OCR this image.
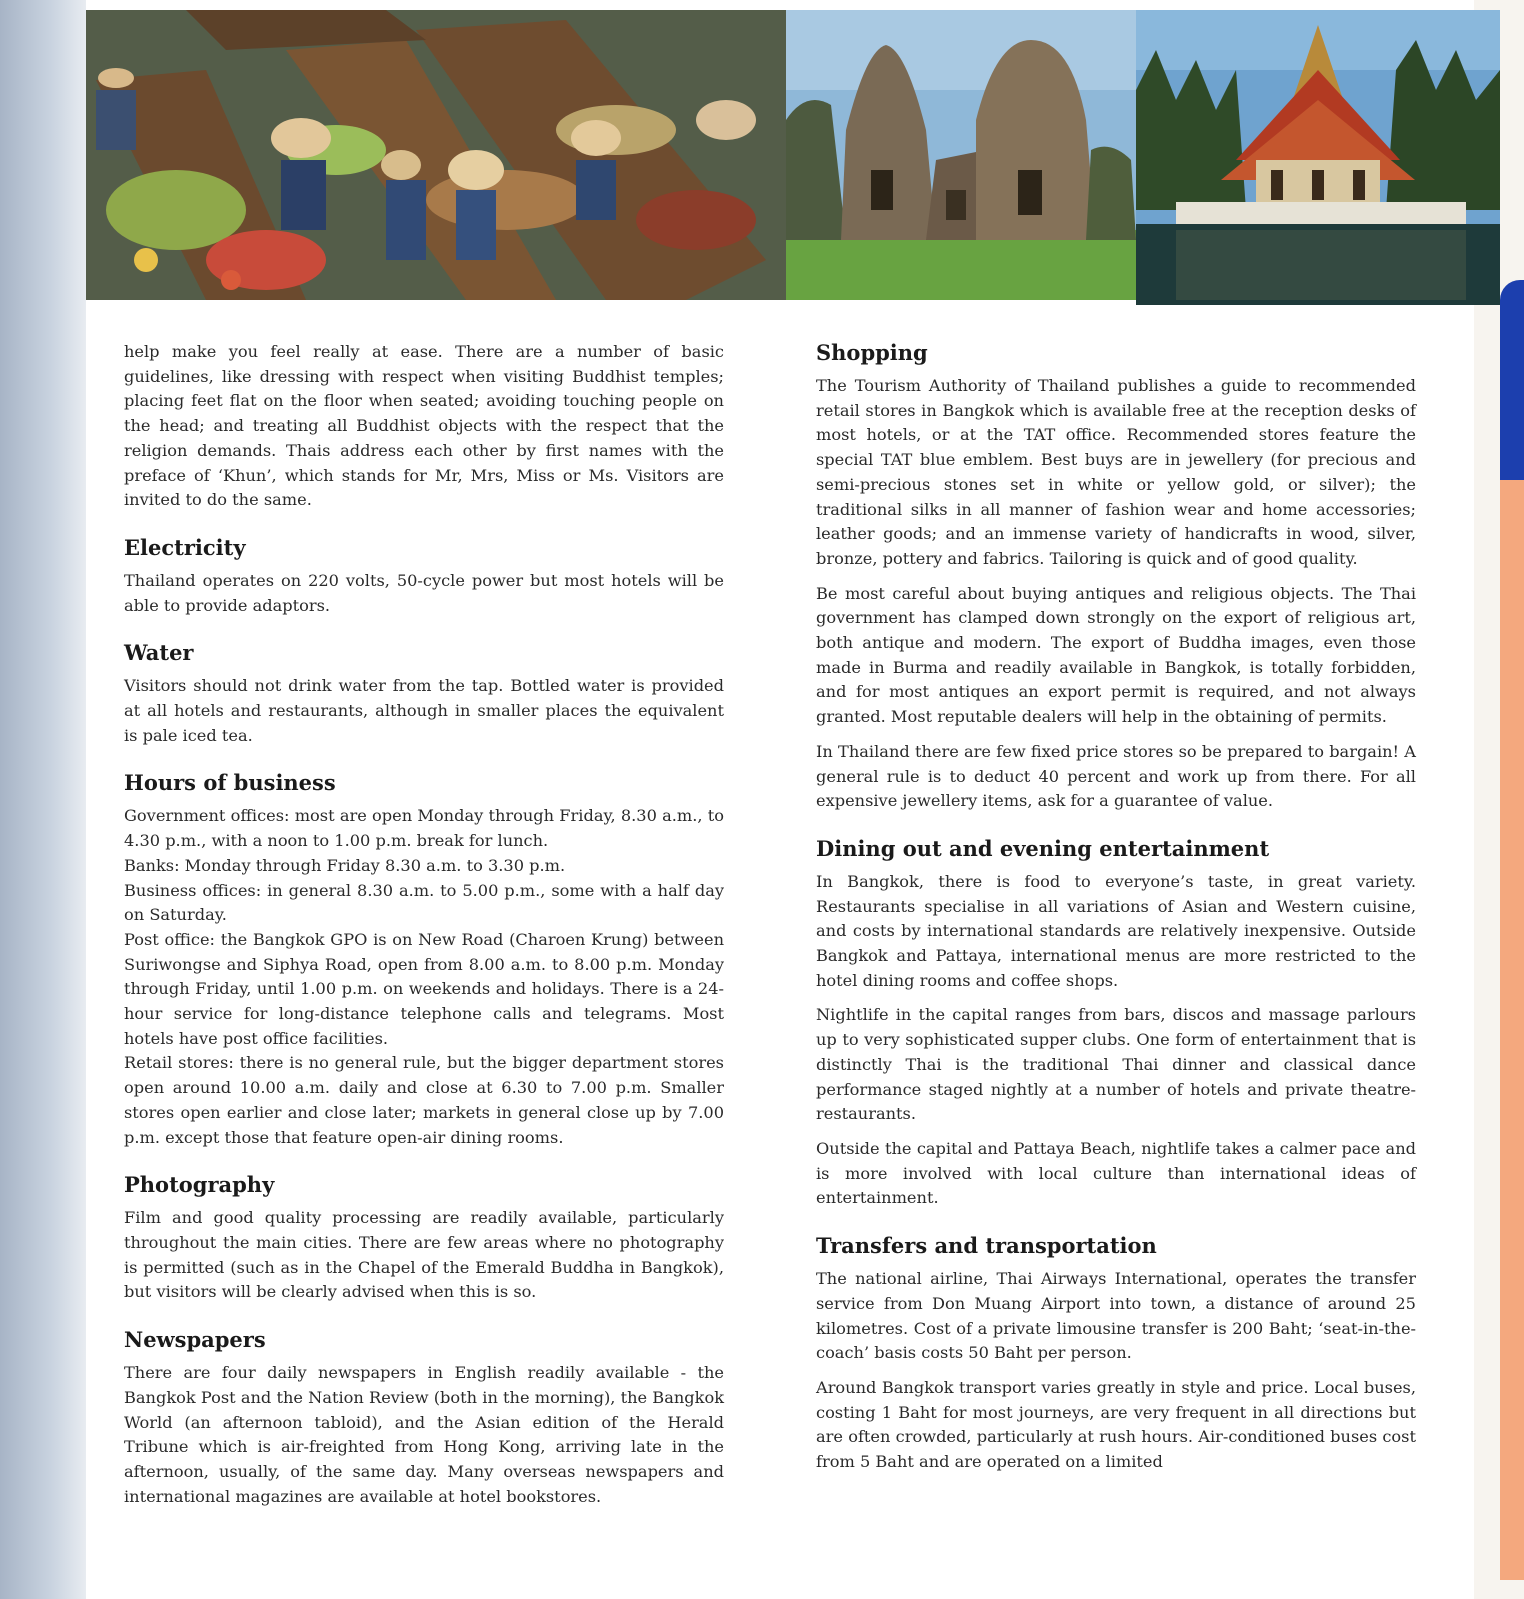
help make you feel really at ease. There are a number of basic guidelines, like dressing with respect when visiting Buddhist temples; placing feet flat on the floor when seated; avoiding touching people on the head; and treating all Buddhist objects with the respect that the religion demands. Thais address each other by first names with the preface of ‘Khun’, which stands for Mr, Mrs, Miss or Ms. Visitors are invited to do the same.

Electricity

Thailand operates on 220 volts, 50-cycle power but most hotels will be able to provide adaptors.

Water

Visitors should not drink water from the tap. Bottled water is provided at all hotels and restaurants, although in smaller places the equivalent is pale iced tea.

Hours of business

Government offices: most are open Monday through Friday, 8.30 a.m., to 4.30 p.m., with a noon to 1.00 p.m. break for lunch.

Banks: Monday through Friday 8.30 a.m. to 3.30 p.m.

Business offices: in general 8.30 a.m. to 5.00 p.m., some with a half day on Saturday.

Post office: the Bangkok GPO is on New Road (Charoen Krung) between Suriwongse and Siphya Road, open from 8.00 a.m. to 8.00 p.m. Monday through Friday, until 1.00 p.m. on weekends and holidays. There is a 24-hour service for long-distance telephone calls and telegrams. Most hotels have post office facilities.

Retail stores: there is no general rule, but the bigger department stores open around 10.00 a.m. daily and close at 6.30 to 7.00 p.m. Smaller stores open earlier and close later; markets in general close up by 7.00 p.m. except those that feature open-air dining rooms.

Photography

Film and good quality processing are readily available, particularly throughout the main cities. There are few areas where no photography is permitted (such as in the Chapel of the Emerald Buddha in Bangkok), but visitors will be clearly advised when this is so.

Newspapers

There are four daily newspapers in English readily available - the Bangkok Post and the Nation Review (both in the morning), the Bangkok World (an afternoon tabloid), and the Asian edition of the Herald Tribune which is air-freighted from Hong Kong, arriving late in the afternoon, usually, of the same day. Many overseas newspapers and international magazines are available at hotel bookstores.

Shopping

The Tourism Authority of Thailand publishes a guide to recommended retail stores in Bangkok which is available free at the reception desks of most hotels, or at the TAT office. Recommended stores feature the special TAT blue emblem. Best buys are in jewellery (for precious and semi-precious stones set in white or yellow gold, or silver); the traditional silks in all manner of fashion wear and home accessories; leather goods; and an immense variety of handicrafts in wood, silver, bronze, pottery and fabrics. Tailoring is quick and of good quality.

Be most careful about buying antiques and religious objects. The Thai government has clamped down strongly on the export of religious art, both antique and modern. The export of Buddha images, even those made in Burma and readily available in Bangkok, is totally forbidden, and for most antiques an export permit is required, and not always granted. Most reputable dealers will help in the obtaining of permits.

In Thailand there are few fixed price stores so be prepared to bargain! A general rule is to deduct 40 percent and work up from there. For all expensive jewellery items, ask for a guarantee of value.

Dining out and evening entertainment

In Bangkok, there is food to everyone’s taste, in great variety. Restaurants specialise in all variations of Asian and Western cuisine, and costs by international standards are relatively inexpensive. Outside Bangkok and Pattaya, international menus are more restricted to the hotel dining rooms and coffee shops.

Nightlife in the capital ranges from bars, discos and massage parlours up to very sophisticated supper clubs. One form of entertainment that is distinctly Thai is the traditional Thai dinner and classical dance performance staged nightly at a number of hotels and private theatre-restaurants.

Outside the capital and Pattaya Beach, nightlife takes a calmer pace and is more involved with local culture than international ideas of entertainment.

Transfers and transportation

The national airline, Thai Airways International, operates the transfer service from Don Muang Airport into town, a distance of around 25 kilometres. Cost of a private limousine transfer is 200 Baht; ‘seat-in-the-coach’ basis costs 50 Baht per person.

Around Bangkok transport varies greatly in style and price. Local buses, costing 1 Baht for most journeys, are very frequent in all directions but are often crowded, particularly at rush hours. Air-conditioned buses cost from 5 Baht and are operated on a limited
